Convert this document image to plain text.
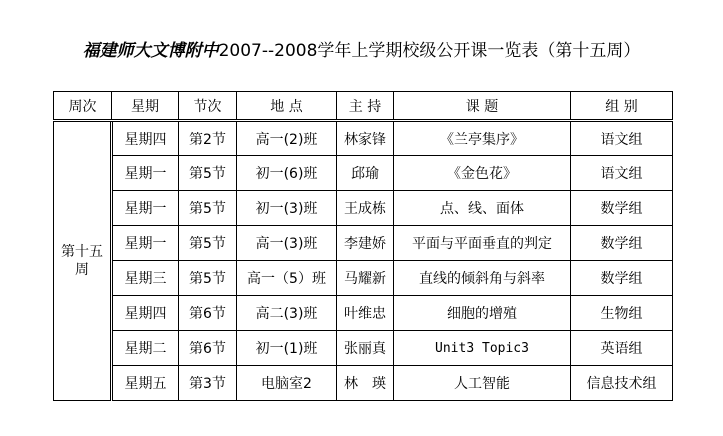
福建师大文博附中2007--2008学年上学期校级公开课一览表（第十五周）
周次	星期	节次	地 点	主 持	课 题	组 别

第十五
周	星期四	第2节	高一(2)班	林家锋	《兰亭集序》	语文组
	星期一	第5节	初一(6)班	邱瑜	《金色花》	语文组
	星期一	第5节	初一(3)班	王成栋	点、线、面体	数学组
	星期一	第5节	高一(3)班	李建娇	平面与平面垂直的判定	数学组
	星期三	第5节	高一（5）班	马耀新	直线的倾斜角与斜率	数学组
	星期四	第6节	高二(3)班	叶维忠	细胞的增殖	生物组
	星期二	第6节	初一(1)班	张丽真	Unit3 Topic3	英语组
	星期五	第3节	电脑室2	林　瑛	人工智能	信息技术组
